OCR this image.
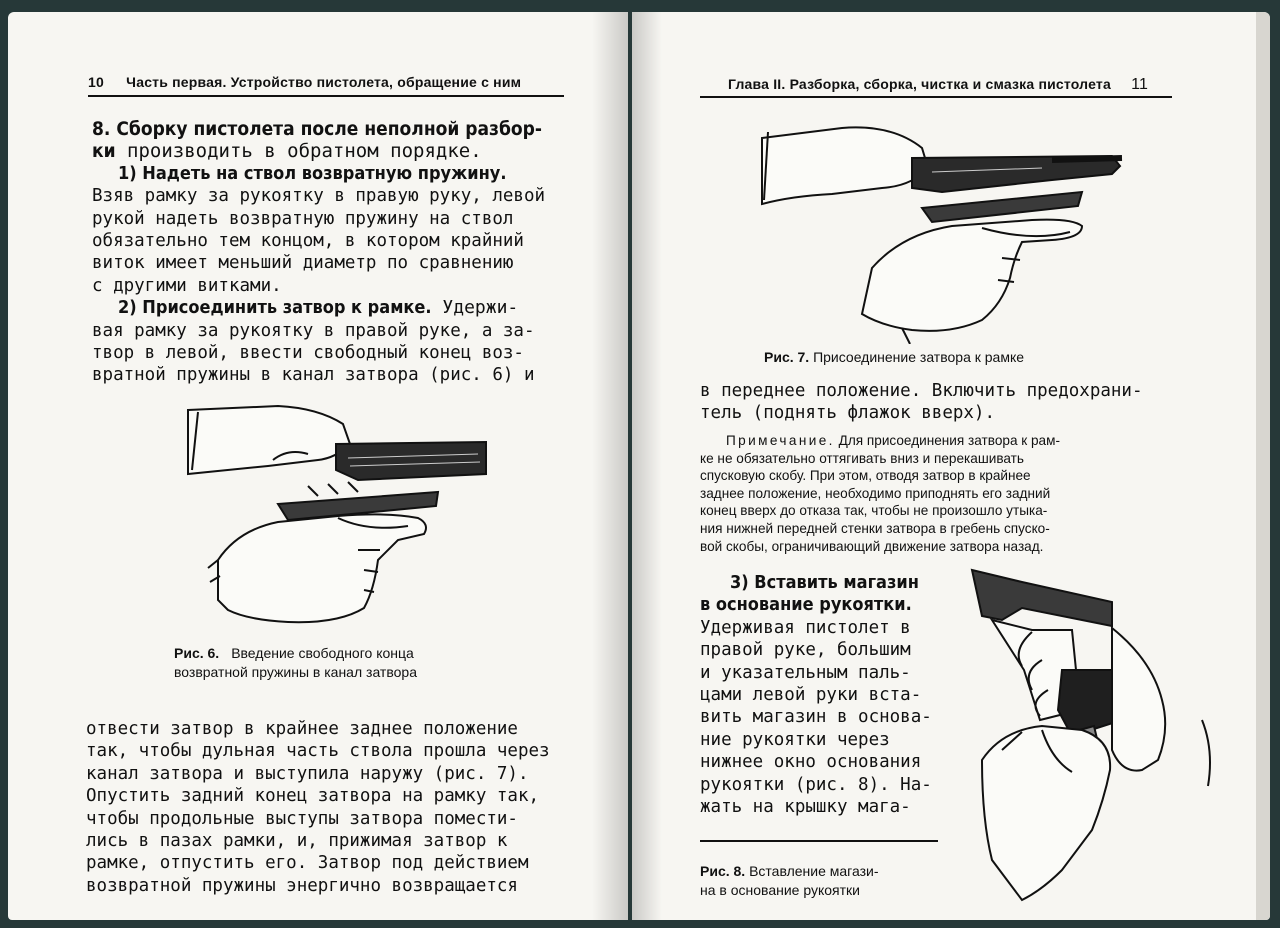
10 Часть первая. Устройство пистолета, обращение с ним

8. Сборку пистолета после неполной разбор-

ки производить в обратном порядке.

1) Надеть на ствол возвратную пружину.

Взяв рамку за рукоятку в правую руку, левой

рукой надеть возвратную пружину на ствол

обязательно тем концом, в котором крайний

виток имеет меньший диаметр по сравнению

с другими витками.

2) Присоединить затвор к рамке. Удержи-

вая рамку за рукоятку в правой руке, а за-

твор в левой, ввести свободный конец воз-

вратной пружины в канал затвора (рис. 6) и

Рис. 6. Введение свободного конца
возвратной пружины в канал затвора

отвести затвор в крайнее заднее положение

так, чтобы дульная часть ствола прошла через

канал затвора и выступила наружу (рис. 7).

Опустить задний конец затвора на рамку так,

чтобы продольные выступы затвора помести-

лись в пазах рамки, и, прижимая затвор к

рамке, отпустить его. Затвор под действием

возвратной пружины энергично возвращается

Глава II. Разборка, сборка, чистка и смазка пистолета 11
Рис. 7. Присоединение затвора к рамке

в переднее положение. Включить предохрани-

тель (поднять флажок вверх).

Примечание. Для присоединения затвора к рам-

ке не обязательно оттягивать вниз и перекашивать

спусковую скобу. При этом, отводя затвор в крайнее

заднее положение, необходимо приподнять его задний

конец вверх до отказа так, чтобы не произошло утыка-

ния нижней передней стенки затвора в гребень спуско-

вой скобы, ограничивающий движение затвора назад.

3) Вставить магазин

в основание рукоятки.

Удерживая пистолет в

правой руке, большим

и указательным паль-

цами левой руки вста-

вить магазин в основа-

ние рукоятки через

нижнее окно основания

рукоятки (рис. 8). На-

жать на крышку мага-

Рис. 8. Вставление магази-
на в основание рукоятки
